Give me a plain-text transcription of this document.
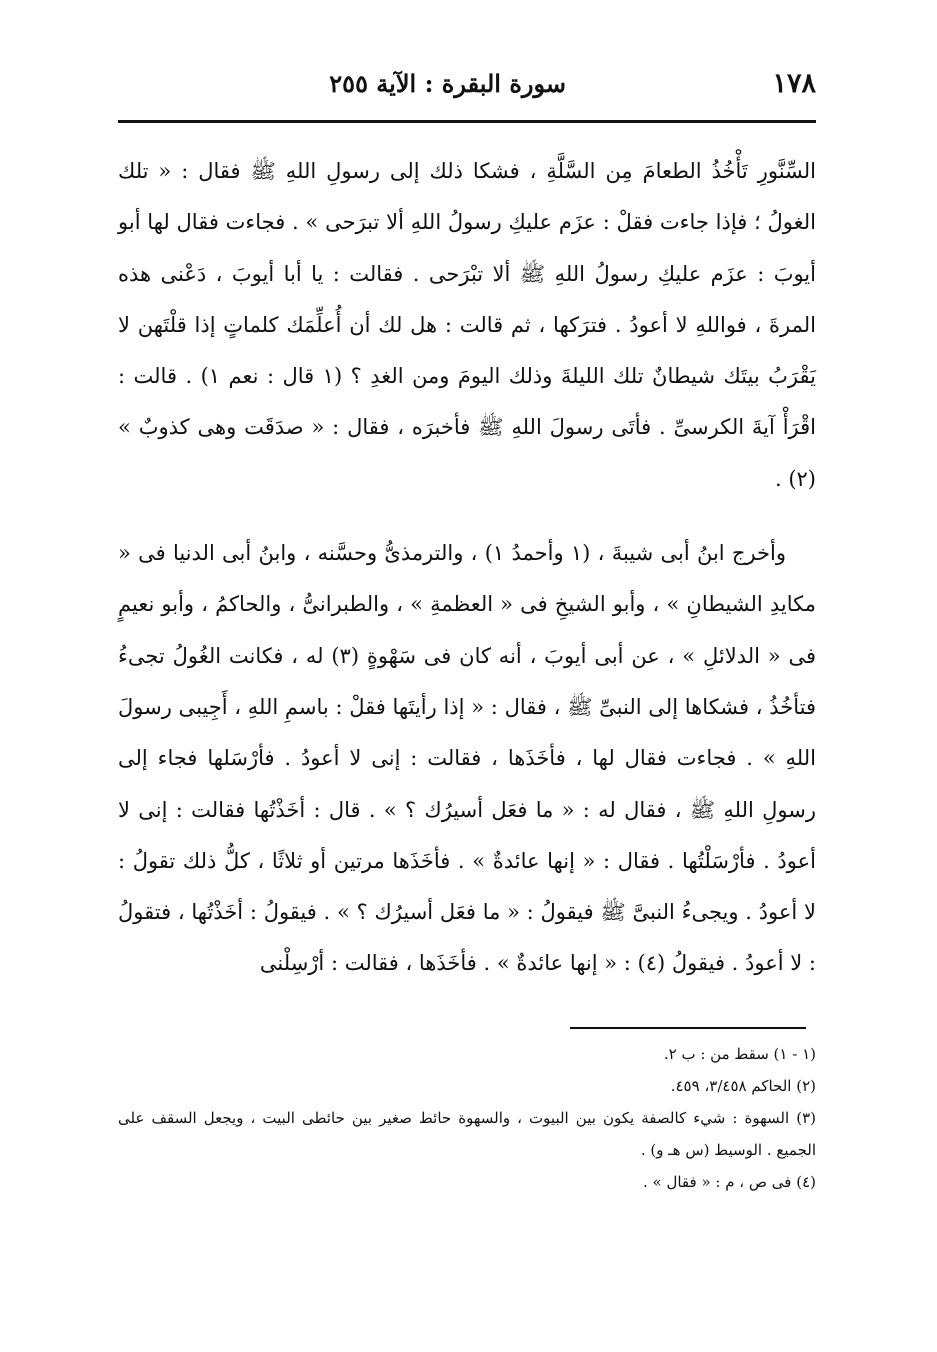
١٧٨
سورة البقرة : الآية ٢٥٥

السِّنَّورِ تَأْخُذُ الطعامَ مِن السَّلَّةِ ، فشكا ذلك إلى رسولِ اللهِ ﷺ فقال : « تلك الغولُ ؛ فإذا جاءت فقلْ : عزَم عليكِ رسولُ اللهِ ألا تبرَحى » . فجاءت فقال لها أبو أيوبَ : عزَم عليكِ رسولُ اللهِ ﷺ ألا تبْرَحى . فقالت : يا أبا أيوبَ ، دَعْنى هذه المرةَ ، فواللهِ لا أعودُ . فترَكها ، ثم قالت : هل لك أن أُعلِّمَك كلماتٍ إذا قلْتَهن لا يَقْرَبُ بيتَك شيطانٌ تلك الليلةَ وذلك اليومَ ومن الغدِ ؟ (١ قال : نعم ١) . قالت : اقْرَأْ آيةَ الكرسىِّ . فأتَى رسولَ اللهِ ﷺ فأخبرَه ، فقال : « صدَقَت وهى كذوبٌ » (٢) .

وأخرج ابنُ أبى شيبةَ ، (١ وأحمدُ ١) ، والترمذىُّ وحسَّنه ، وابنُ أبى الدنيا فى « مكايدِ الشيطانِ » ، وأبو الشيخِ فى « العظمةِ » ، والطبرانىُّ ، والحاكمُ ، وأبو نعيمٍ فى « الدلائلِ » ، عن أبى أيوبَ ، أنه كان فى سَهْوةٍ (٣) له ، فكانت الغُولُ تجىءُ فتأخُذُ ، فشكاها إلى النبىِّ ﷺ ، فقال : « إذا رأيتَها فقلْ : باسمِ اللهِ ، أَجِيبى رسولَ اللهِ » . فجاءت فقال لها ، فأخَذَها ، فقالت : إنى لا أعودُ . فأرْسَلها فجاء إلى رسولِ اللهِ ﷺ ، فقال له : « ما فعَل أسيرُك ؟ » . قال : أخَذْتُها فقالت : إنى لا أعودُ . فأرْسَلْتُها . فقال : « إنها عائدةٌ » . فأخَذَها مرتين أو ثلاثًا ، كلُّ ذلك تقولُ : لا أعودُ . ويجىءُ النبىَّ ﷺ فيقولُ : « ما فعَل أسيرُك ؟ » . فيقولُ : أخَذْتُها ، فتقولُ : لا أعودُ . فيقولُ (٤) : « إنها عائدةٌ » . فأخَذَها ، فقالت : أرْسِلْنى

(١ - ١) سقط من : ب ٢.

(٢) الحاكم ٣/٤٥٨، ٤٥٩.

(٣) السهوة : شيء كالصفة يكون بين البيوت ، والسهوة حائط صغير بين حائطى البيت ، ويجعل السقف على الجميع . الوسيط (س هـ و) .

(٤) فى ص ، م : « فقال » .
